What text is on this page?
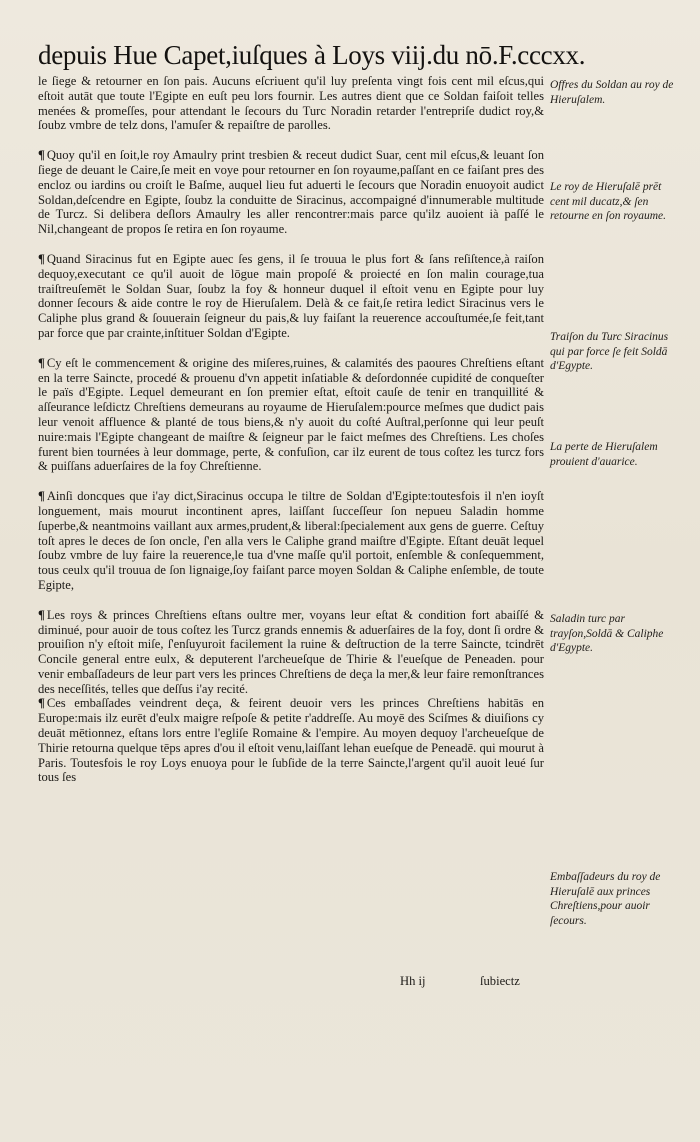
depuis Hue Capet,iuſques à Loys viij.du nō.F.cccxx.

le ſiege & retourner en ſon pais. Aucuns eſcriuent qu'il luy preſenta vingt fois cent mil eſcus,qui eſtoit autāt que toute l'Egipte en euſt peu lors fournir. Les autres dient que ce Soldan faiſoit telles menées & promeſſes, pour attendant le ſecours du Turc Noradin retarder l'entrepriſe dudict roy,& ſoubz vmbre de telz dons, l'amuſer & repaiſtre de parolles.

¶ Quoy qu'il en ſoit,le roy Amaulry print tresbien & receut dudict Suar, cent mil eſcus,& leuant ſon ſiege de deuant le Caire,ſe meit en voye pour retourner en ſon royaume,paſſant en ce faiſant pres des encloz ou iardins ou croiſt le Baſme, auquel lieu fut aduerti le ſecours que Noradin enuoyoit audict Soldan,deſcendre en Egipte, ſoubz la conduitte de Siracinus, accompaigné d'innumerable multitude de Turcz. Si delibera deſlors Amaulry les aller rencontrer:mais parce qu'ilz auoient ià paſſé le Nil,changeant de propos ſe retira en ſon royaume.

¶ Quand Siracinus fut en Egipte auec ſes gens, il ſe trouua le plus fort & ſans reſiſtence,à raiſon dequoy,executant ce qu'il auoit de lōgue main propoſé & proiecté en ſon malin courage,tua traiſtreuſemēt le Soldan Suar, ſoubz la foy & honneur duquel il eſtoit venu en Egipte pour luy donner ſecours & aide contre le roy de Hieruſalem. Delà & ce fait,ſe retira ledict Siracinus vers le Caliphe plus grand & ſouuerain ſeigneur du pais,& luy faiſant la reuerence accouſtumée,ſe feit,tant par force que par crainte,inſtituer Soldan d'Egipte.

¶ Cy eſt le commencement & origine des miſeres,ruines, & calamités des paoures Chreſtiens eſtant en la terre Saincte, procedé & prouenu d'vn appetit inſatiable & deſordonnée cupidité de conqueſter le païs d'Egipte. Lequel demeurant en ſon premier eſtat, eſtoit cauſe de tenir en tranquillité & aſſeurance leſdictz Chreſtiens demeurans au royaume de Hieruſalem:pource meſmes que dudict pais leur venoit affluence & planté de tous biens,& n'y auoit du coſté Auſtral,perſonne qui leur peuſt nuire:mais l'Egipte changeant de maiſtre & ſeigneur par le faict meſmes des Chreſtiens. Les choſes furent bien tournées à leur dommage, perte, & confuſion, car ilz eurent de tous coſtez les turcz fors & puiſſans aduerſaires de la foy Chreſtienne.

¶ Ainſi doncques que i'ay dict,Siracinus occupa le tiltre de Soldan d'Egipte:toutesfois il n'en ioyſt longuement, mais mourut incontinent apres, laiſſant ſucceſſeur ſon nepueu Saladin homme ſuperbe,& neantmoins vaillant aux armes,prudent,& liberal:ſpecialement aux gens de guerre. Ceſtuy toſt apres le deces de ſon oncle, ſ'en alla vers le Caliphe grand maiſtre d'Egipte. Eſtant deuāt lequel ſoubz vmbre de luy faire la reuerence,le tua d'vne maſſe qu'il portoit, enſemble & conſequemment, tous ceulx qu'il trouua de ſon lignaige,ſoy faiſant parce moyen Soldan & Caliphe enſemble, de toute Egipte,

¶ Les roys & princes Chreſtiens eſtans oultre mer, voyans leur eſtat & condition fort abaiſſé & diminué, pour auoir de tous coſtez les Turcz grands ennemis & aduerſaires de la foy, dont ſi ordre & prouiſion n'y eſtoit miſe, ſ'enſuyuroit facilement la ruine & deſtruction de la terre Saincte, tcindrēt Concile general entre eulx, & deputerent l'archeueſque de Thirie & l'eueſque de Peneaden. pour venir embaſſadeurs de leur part vers les princes Chreſtiens de deça la mer,& leur faire remonſtrances des neceſſités, telles que deſſus i'ay recité.

¶ Ces embaſſades veindrent deça, & feirent deuoir vers les princes Chreſtiens habitās en Europe:mais ilz eurēt d'eulx maigre reſpoſe & petite r'addreſſe. Au moyē des Sciſmes & diuiſions cy deuāt mētionnez, eſtans lors entre l'egliſe Romaine & l'empire. Au moyen dequoy l'archeueſque de Thirie retourna quelque tēps apres d'ou il eſtoit venu,laiſſant lehan eueſque de Peneadē. qui mourut à Paris. Toutesfois le roy Loys enuoya pour le ſubſide de la terre Saincte,l'argent qu'il auoit leué ſur tous ſes

Offres du Soldan au roy de Hieruſalem.
Le roy de Hieruſalē prēt cent mil ducatz,& ſen retourne en ſon royaume.
Traiſon du Turc Siracinus qui par force ſe feit Soldā d'Egypte.
La perte de Hieruſalem prouient d'auarice.
Saladin turc par trayſon,Soldā & Caliphe d'Egypte.
Embaſſadeurs du roy de Hieruſalē aux princes Chreſtiens,pour auoir ſecours.
Hh ij	ſubiectz
